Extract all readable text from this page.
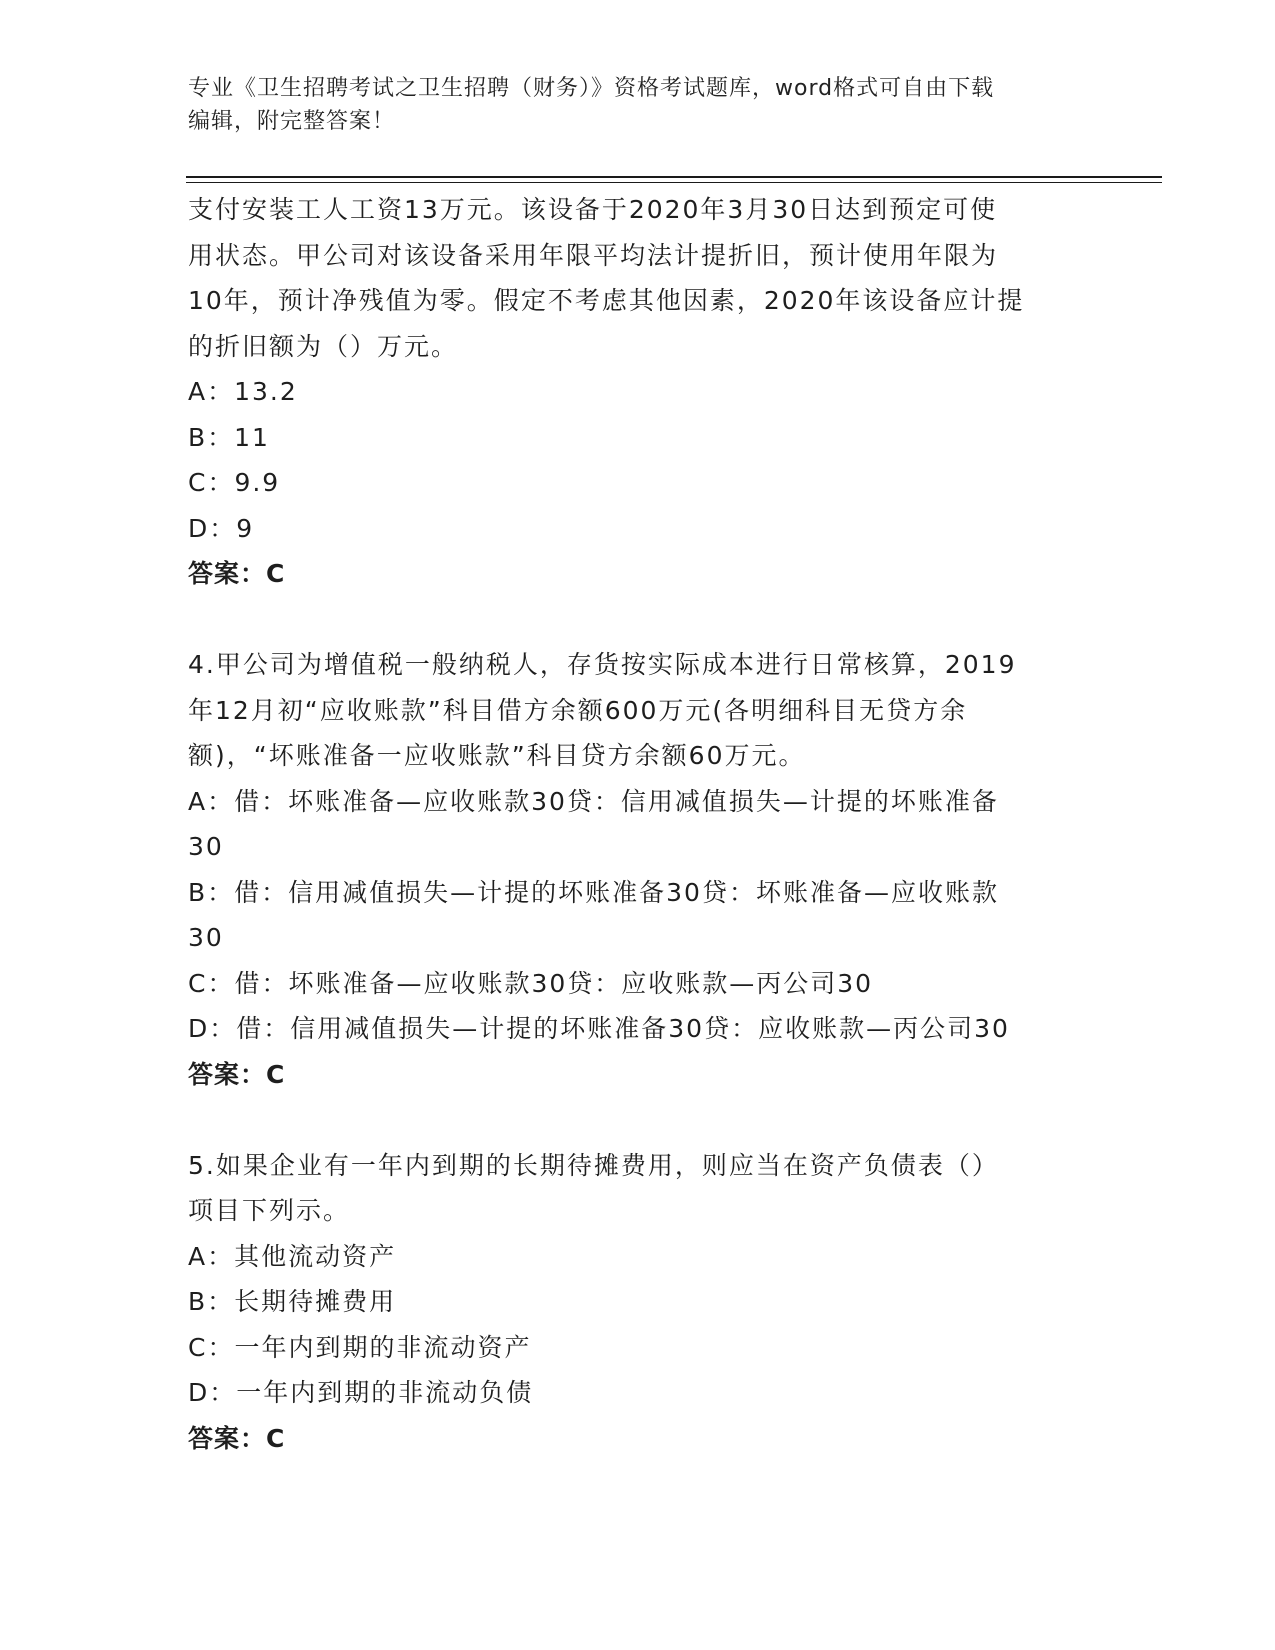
专业《卫生招聘考试之卫生招聘（财务）》资格考试题库，word格式可自由下载
编辑，附完整答案！
支付安装工人工资13万元。该设备于2020年3月30日达到预定可使
用状态。甲公司对该设备采用年限平均法计提折旧，预计使用年限为
10年，预计净残值为零。假定不考虑其他因素，2020年该设备应计提
的折旧额为（）万元。
A：13.2
B：11
C：9.9
D：9
答案：C
4.甲公司为增值税一般纳税人，存货按实际成本进行日常核算，2019
年12月初“应收账款”科目借方余额600万元(各明细科目无贷方余
额)，“坏账准备一应收账款”科目贷方余额60万元。
A：借：坏账准备—应收账款30贷：信用减值损失—计提的坏账准备
30
B：借：信用减值损失—计提的坏账准备30贷：坏账准备—应收账款
30
C：借：坏账准备—应收账款30贷：应收账款—丙公司30
D：借：信用减值损失—计提的坏账准备30贷：应收账款—丙公司30
答案：C
5.如果企业有一年内到期的长期待摊费用，则应当在资产负债表（）
项目下列示。
A：其他流动资产
B：长期待摊费用
C：一年内到期的非流动资产
D：一年内到期的非流动负债
答案：C
